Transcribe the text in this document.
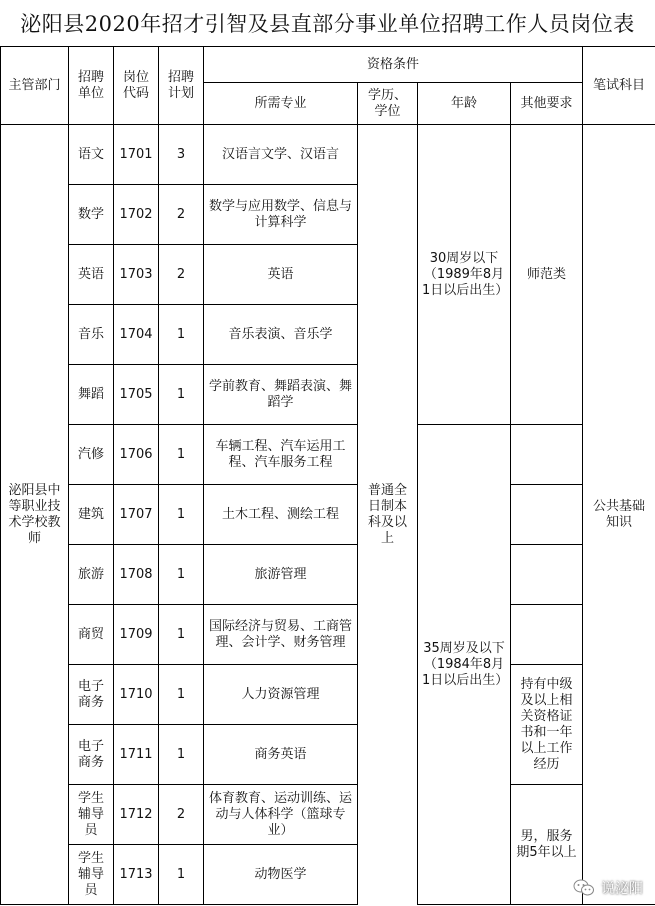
泌阳县2020年招才引智及县直部分事业单位招聘工作人员岗位表
主管部门	招聘单位	岗位代码	招聘计划	资格条件				笔试科目
				所需专业	学历、学位	年龄	其他要求	
泌阳县中等职业技术学校教师	语文	1701	3	汉语言文学、汉语言	普通全日制本科及以上	30周岁以下（1989年8月1日以后出生）	师范类	公共基础知识
	数学	1702	2	数学与应用数学、信息与计算科学				
	英语	1703	2	英语				
	音乐	1704	1	音乐表演、音乐学				
	舞蹈	1705	1	学前教育、舞蹈表演、舞蹈学				
	汽修	1706	1	车辆工程、汽车运用工程、汽车服务工程		35周岁及以下（1984年8月1日以后出生）		
	建筑	1707	1	土木工程、测绘工程				
	旅游	1708	1	旅游管理				
	商贸	1709	1	国际经济与贸易、工商管理、会计学、财务管理				
	电子商务	1710	1	人力资源管理			持有中级及以上相关资格证书和一年以上工作经历	
	电子商务	1711	1	商务英语				
	学生辅导员	1712	2	体育教育、运动训练、运动与人体科学（篮球专业）			男，服务期5年以上	
	学生辅导员	1713	1	动物医学				
说泌阳
